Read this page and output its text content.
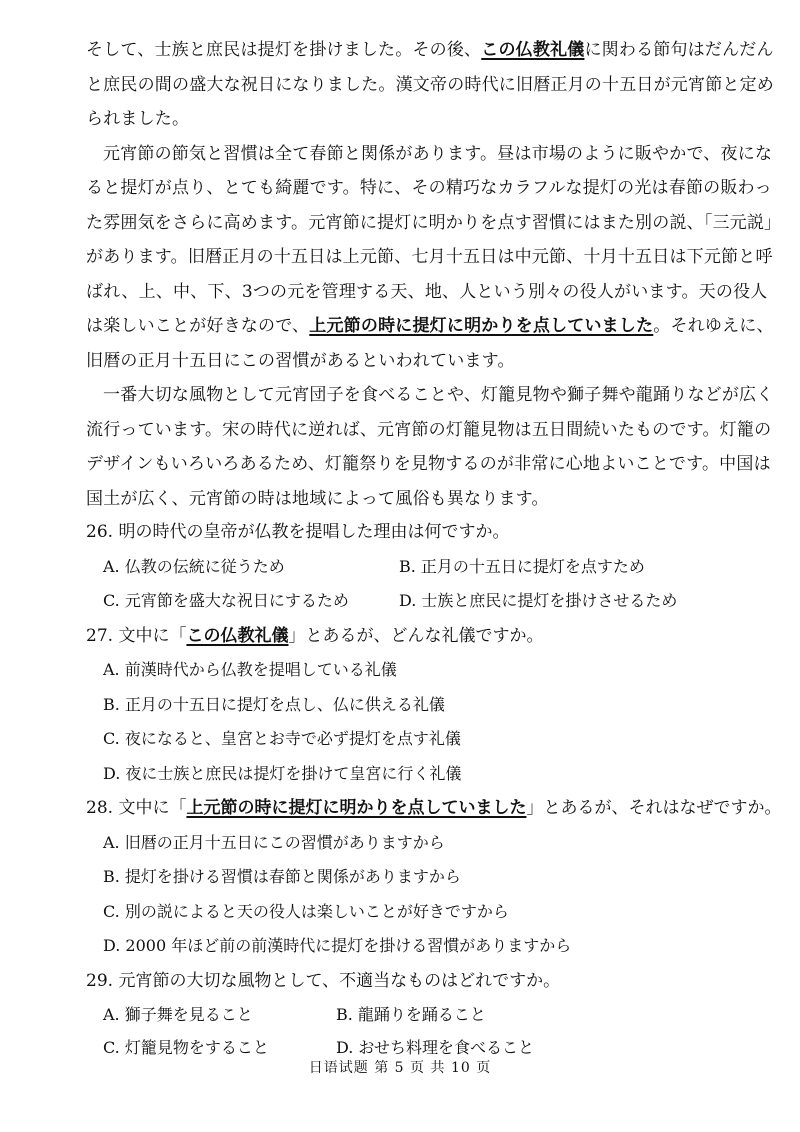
そして、士族と庶民は提灯を掛けました。その後、この仏教礼儀に関わる節句はだんだん
と庶民の間の盛大な祝日になりました。漢文帝の時代に旧暦正月の十五日が元宵節と定め
られました。
元宵節の節気と習慣は全て春節と関係があります。昼は市場のように販やかで、夜にな
ると提灯が点り、とても綺麗です。特に、その精巧なカラフルな提灯の光は春節の販わっ
た雰囲気をさらに高めます。元宵節に提灯に明かりを点す習慣にはまた別の説、「三元説」
があります。旧暦正月の十五日は上元節、七月十五日は中元節、十月十五日は下元節と呼
ばれ、上、中、下、3つの元を管理する天、地、人という別々の役人がいます。天の役人
は楽しいことが好きなので、上元節の時に提灯に明かりを点していました。それゆえに、
旧暦の正月十五日にこの習慣があるといわれています。
一番大切な風物として元宵団子を食べることや、灯籠見物や獅子舞や龍踊りなどが広く
流行っています。宋の時代に逆れば、元宵節の灯籠見物は五日間続いたものです。灯籠の
デザインもいろいろあるため、灯籠祭りを見物するのが非常に心地よいことです。中国は
国土が広く、元宵節の時は地域によって風俗も異なります。
26. 明の時代の皇帝が仏教を提唱した理由は何ですか。
A. 仏教の伝統に従うため	B. 正月の十五日に提灯を点すため
C. 元宵節を盛大な祝日にするため	D. 士族と庶民に提灯を掛けさせるため
27. 文中に「この仏教礼儀」とあるが、どんな礼儀ですか。
A. 前漢時代から仏教を提唱している礼儀
B. 正月の十五日に提灯を点し、仏に供える礼儀
C. 夜になると、皇宮とお寺で必ず提灯を点す礼儀
D. 夜に士族と庶民は提灯を掛けて皇宮に行く礼儀
28. 文中に「上元節の時に提灯に明かりを点していました」とあるが、それはなぜですか。
A. 旧暦の正月十五日にこの習慣がありますから
B. 提灯を掛ける習慣は春節と関係がありますから
C. 別の説によると天の役人は楽しいことが好きですから
D. 2000 年ほど前の前漢時代に提灯を掛ける習慣がありますから
29. 元宵節の大切な風物として、不適当なものはどれですか。
A. 獅子舞を見ること	B. 龍踊りを踊ること
C. 灯籠見物をすること	D. おせち料理を食べること
日语试题 第 5 页 共 10 页
